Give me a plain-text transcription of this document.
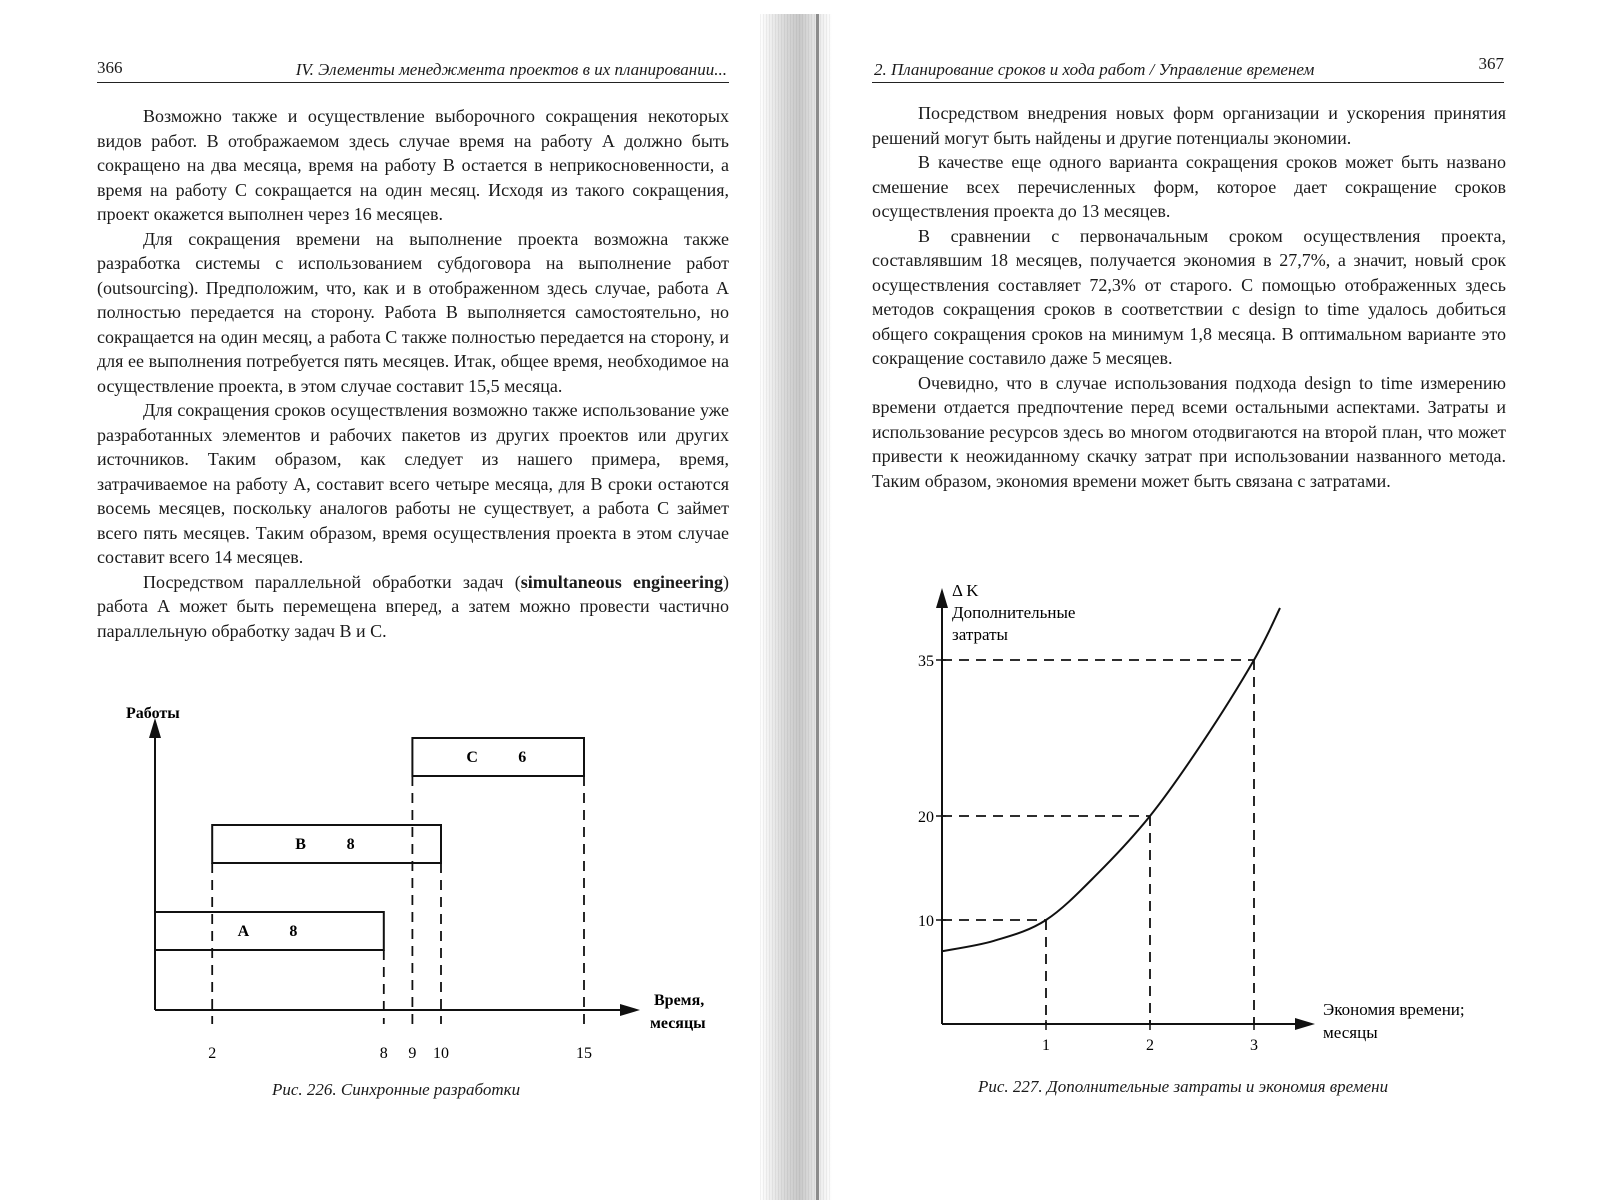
366	IV. Элементы менеджмента проектов в их планировании...

Возможно также и осуществление выборочного сокращения некоторых видов работ. В отображаемом здесь случае время на работу А должно быть сокращено на два месяца, время на работу В остается в неприкосновенности, а время на работу С сокращается на один месяц. Исходя из такого сокращения, проект окажется выполнен через 16 месяцев.

Для сокращения времени на выполнение проекта возможна также разработка системы с использованием субдоговора на выполнение работ (outsourcing). Предположим, что, как и в отображенном здесь случае, работа А полностью передается на сторону. Работа В выполняется самостоятельно, но сокращается на один месяц, а работа С также полностью передается на сторону, и для ее выполнения потребуется пять месяцев. Итак, общее время, необходимое на осуществление проекта, в этом случае составит 15,5 месяца.

Для сокращения сроков осуществления возможно также использование уже разработанных элементов и рабочих пакетов из других проектов или других источников. Таким образом, как следует из нашего примера, время, затрачиваемое на работу А, составит всего четыре месяца, для В сроки остаются восемь месяцев, поскольку аналогов работы не существует, а работа С займет всего пять месяцев. Таким образом, время осуществления проекта в этом случае составит всего 14 месяцев.

Посредством параллельной обработки задач (simultaneous engineering) работа А может быть перемещена вперед, а затем можно провести частично параллельную обработку задач В и С.

A	8
B	8
C	6
2	8 9 10	15
Работы
Время,
месяцы
Рис. 226. Синхронные разработки
2. Планирование сроков и хода работ / Управление временем	367

Посредством внедрения новых форм организации и ускорения принятия решений могут быть найдены и другие потенциалы экономии.

В качестве еще одного варианта сокращения сроков может быть названо смешение всех перечисленных форм, которое дает сокращение сроков осуществления проекта до 13 месяцев.

В сравнении с первоначальным сроком осуществления проекта, составлявшим 18 месяцев, получается экономия в 27,7%, а значит, новый срок осуществления составляет 72,3% от старого. С помощью отображенных здесь методов сокращения сроков в соответствии с design to time удалось добиться общего сокращения сроков на минимум 1,8 месяца. В оптимальном варианте это сокращение составило даже 5 месяцев.

Очевидно, что в случае использования подхода design to time измерению времени отдается предпочтение перед всеми остальными аспектами. Затраты и использование ресурсов здесь во многом отодвигаются на второй план, что может привести к неожиданному скачку затрат при использовании названного метода. Таким образом, экономия времени может быть связана с затратами.

10
20
35
1	2	3
Δ K
Дополнительные
затраты
Экономия времени;
месяцы
Рис. 227. Дополнительные затраты и экономия времени
